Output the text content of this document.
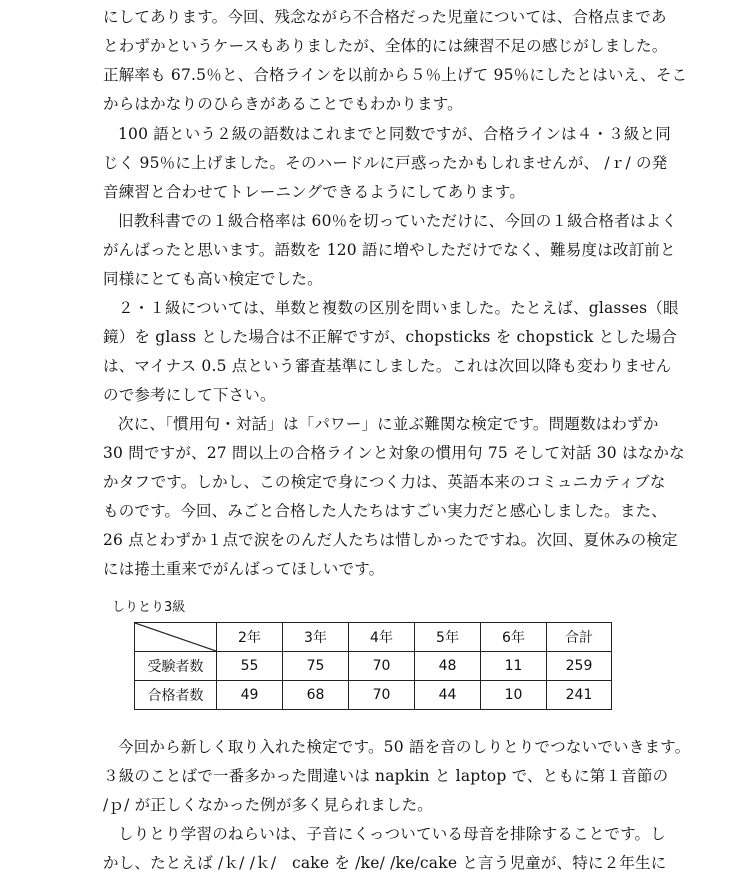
にしてあります。今回、残念ながら不合格だった児童については、合格点まであ
とわずかというケースもありましたが、全体的には練習不足の感じがしました。
正解率も 67.5％と、合格ラインを以前から５％上げて 95％にしたとはいえ、そこ
からはかなりのひらきがあることでもわかります。
100 語という２級の語数はこれまでと同数ですが、合格ラインは４・３級と同
じく 95％に上げました。そのハードルに戸惑ったかもしれませんが、 /ｒ/ の発
音練習と合わせてトレーニングできるようにしてあります。
旧教科書での１級合格率は 60％を切っていただけに、今回の１級合格者はよく
がんばったと思います。語数を 120 語に増やしただけでなく、難易度は改訂前と
同様にとても高い検定でした。
２・１級については、単数と複数の区別を問いました。たとえば、glasses（眼
鏡）を glass とした場合は不正解ですが、chopsticks を chopstick とした場合
は、マイナス 0.5 点という審査基準にしました。これは次回以降も変わりません
ので参考にして下さい。
次に、「慣用句・対話」は「パワー」に並ぶ難関な検定です。問題数はわずか
30 問ですが、27 問以上の合格ラインと対象の慣用句 75 そして対話 30 はなかな
かタフです。しかし、この検定で身につく力は、英語本来のコミュニカティブな
ものです。今回、みごと合格した人たちはすごい実力だと感心しました。また、
26 点とわずか１点で涙をのんだ人たちは惜しかったですね。次回、夏休みの検定
には捲土重来でがんばってほしいです。
しりとり3級
	2年	3年	4年	5年	6年	合計
受験者数	55	75	70	48	11	259
合格者数	49	68	70	44	10	241
今回から新しく取り入れた検定です。50 語を音のしりとりでつないでいきます。
３級のことばで一番多かった間違いは napkin と laptop で、ともに第１音節の
/ｐ/ が正しくなかった例が多く見られました。
しりとり学習のねらいは、子音にくっついている母音を排除することです。し
かし、たとえば /ｋ/ /ｋ/　cake を /ke/ /ke/cake と言う児童が、特に２年生に
